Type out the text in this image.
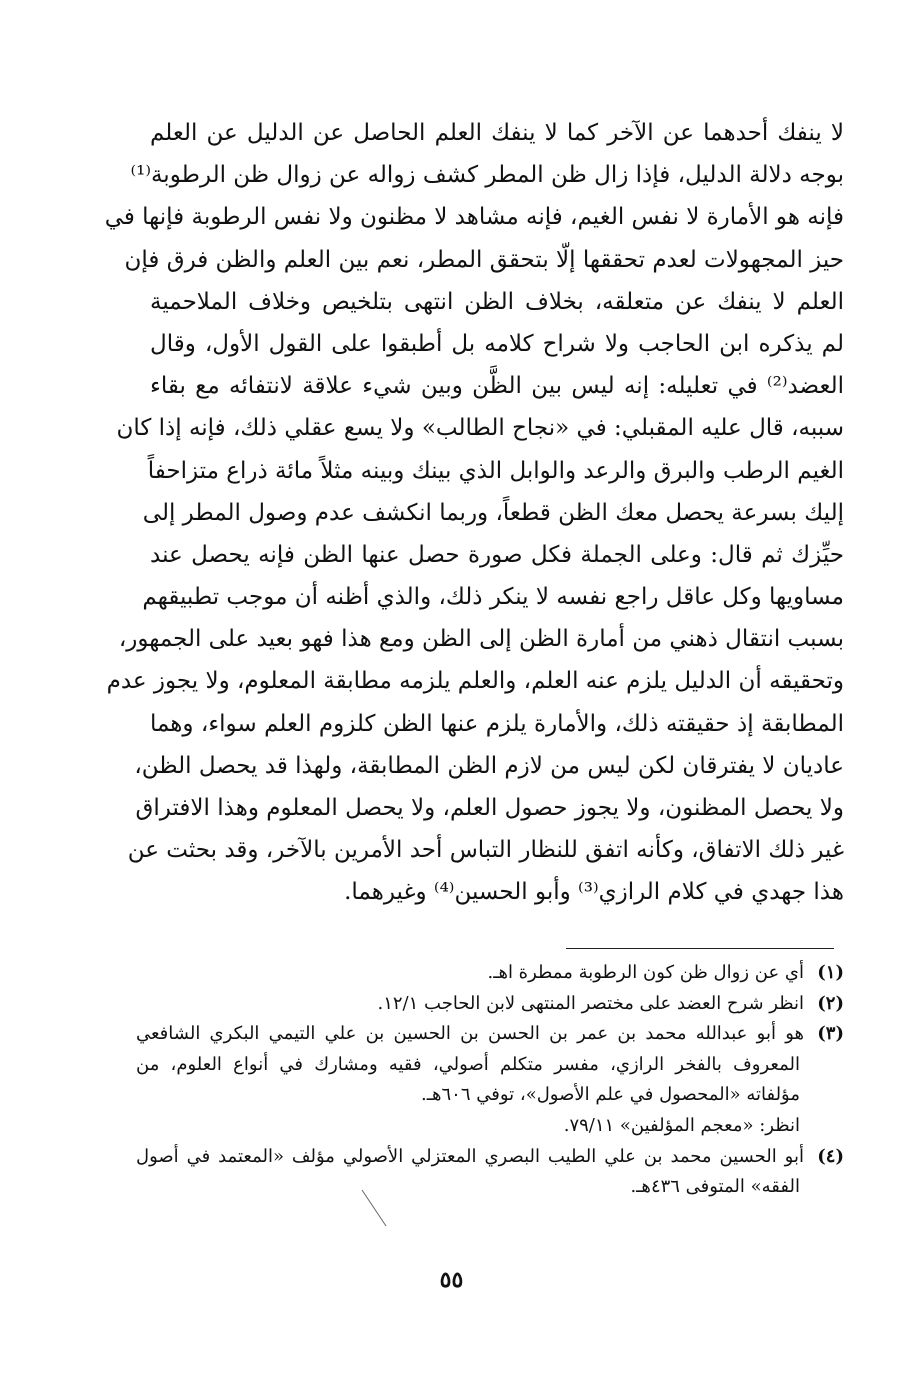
لا ينفك أحدهما عن الآخر كما لا ينفك العلم الحاصل عن الدليل عن العلم
بوجه دلالة الدليل، فإذا زال ظن المطر كشف زواله عن زوال ظن الرطوبة⁽¹⁾
فإنه هو الأمارة لا نفس الغيم، فإنه مشاهد لا مظنون ولا نفس الرطوبة فإنها في
حيز المجهولات لعدم تحققها إلّا بتحقق المطر، نعم بين العلم والظن فرق فإن
العلم لا ينفك عن متعلقه، بخلاف الظن انتهى بتلخيص وخلاف الملاحمية
لم يذكره ابن الحاجب ولا شراح كلامه بل أطبقوا على القول الأول، وقال
العضد⁽²⁾ في تعليله: إنه ليس بين الظَّن وبين شيء علاقة لانتفائه مع بقاء
سببه، قال عليه المقبلي: في «نجاح الطالب» ولا يسع عقلي ذلك، فإنه إذا كان
الغيم الرطب والبرق والرعد والوابل الذي بينك وبينه مثلاً مائة ذراع متزاحفاً
إليك بسرعة يحصل معك الظن قطعاً، وربما انكشف عدم وصول المطر إلى
حيِّزك ثم قال: وعلى الجملة فكل صورة حصل عنها الظن فإنه يحصل عند
مساويها وكل عاقل راجع نفسه لا ينكر ذلك، والذي أظنه أن موجب تطبيقهم
بسبب انتقال ذهني من أمارة الظن إلى الظن ومع هذا فهو بعيد على الجمهور،
وتحقيقه أن الدليل يلزم عنه العلم، والعلم يلزمه مطابقة المعلوم، ولا يجوز عدم
المطابقة إذ حقيقته ذلك، والأمارة يلزم عنها الظن كلزوم العلم سواء، وهما
عاديان لا يفترقان لكن ليس من لازم الظن المطابقة، ولهذا قد يحصل الظن،
ولا يحصل المظنون، ولا يجوز حصول العلم، ولا يحصل المعلوم وهذا الافتراق
غير ذلك الاتفاق، وكأنه اتفق للنظار التباس أحد الأمرين بالآخر، وقد بحثت عن
هذا جهدي في كلام الرازي⁽³⁾ وأبو الحسين⁽⁴⁾ وغيرهما.
(١)أي عن زوال ظن كون الرطوبة ممطرة اهـ.
(٢)انظر شرح العضد على مختصر المنتهى لابن الحاجب ١٢/١.
(٣)هو أبو عبدالله محمد بن عمر بن الحسن بن الحسين بن علي التيمي البكري الشافعي
المعروف بالفخر الرازي، مفسر متكلم أصولي، فقيه ومشارك في أنواع العلوم، من
مؤلفاته «المحصول في علم الأصول»، توفي ٦٠٦هـ.
انظر: «معجم المؤلفين» ٧٩/١١.
(٤)أبو الحسين محمد بن علي الطيب البصري المعتزلي الأصولي مؤلف «المعتمد في أصول
الفقه» المتوفى ٤٣٦هـ.
٥٥
